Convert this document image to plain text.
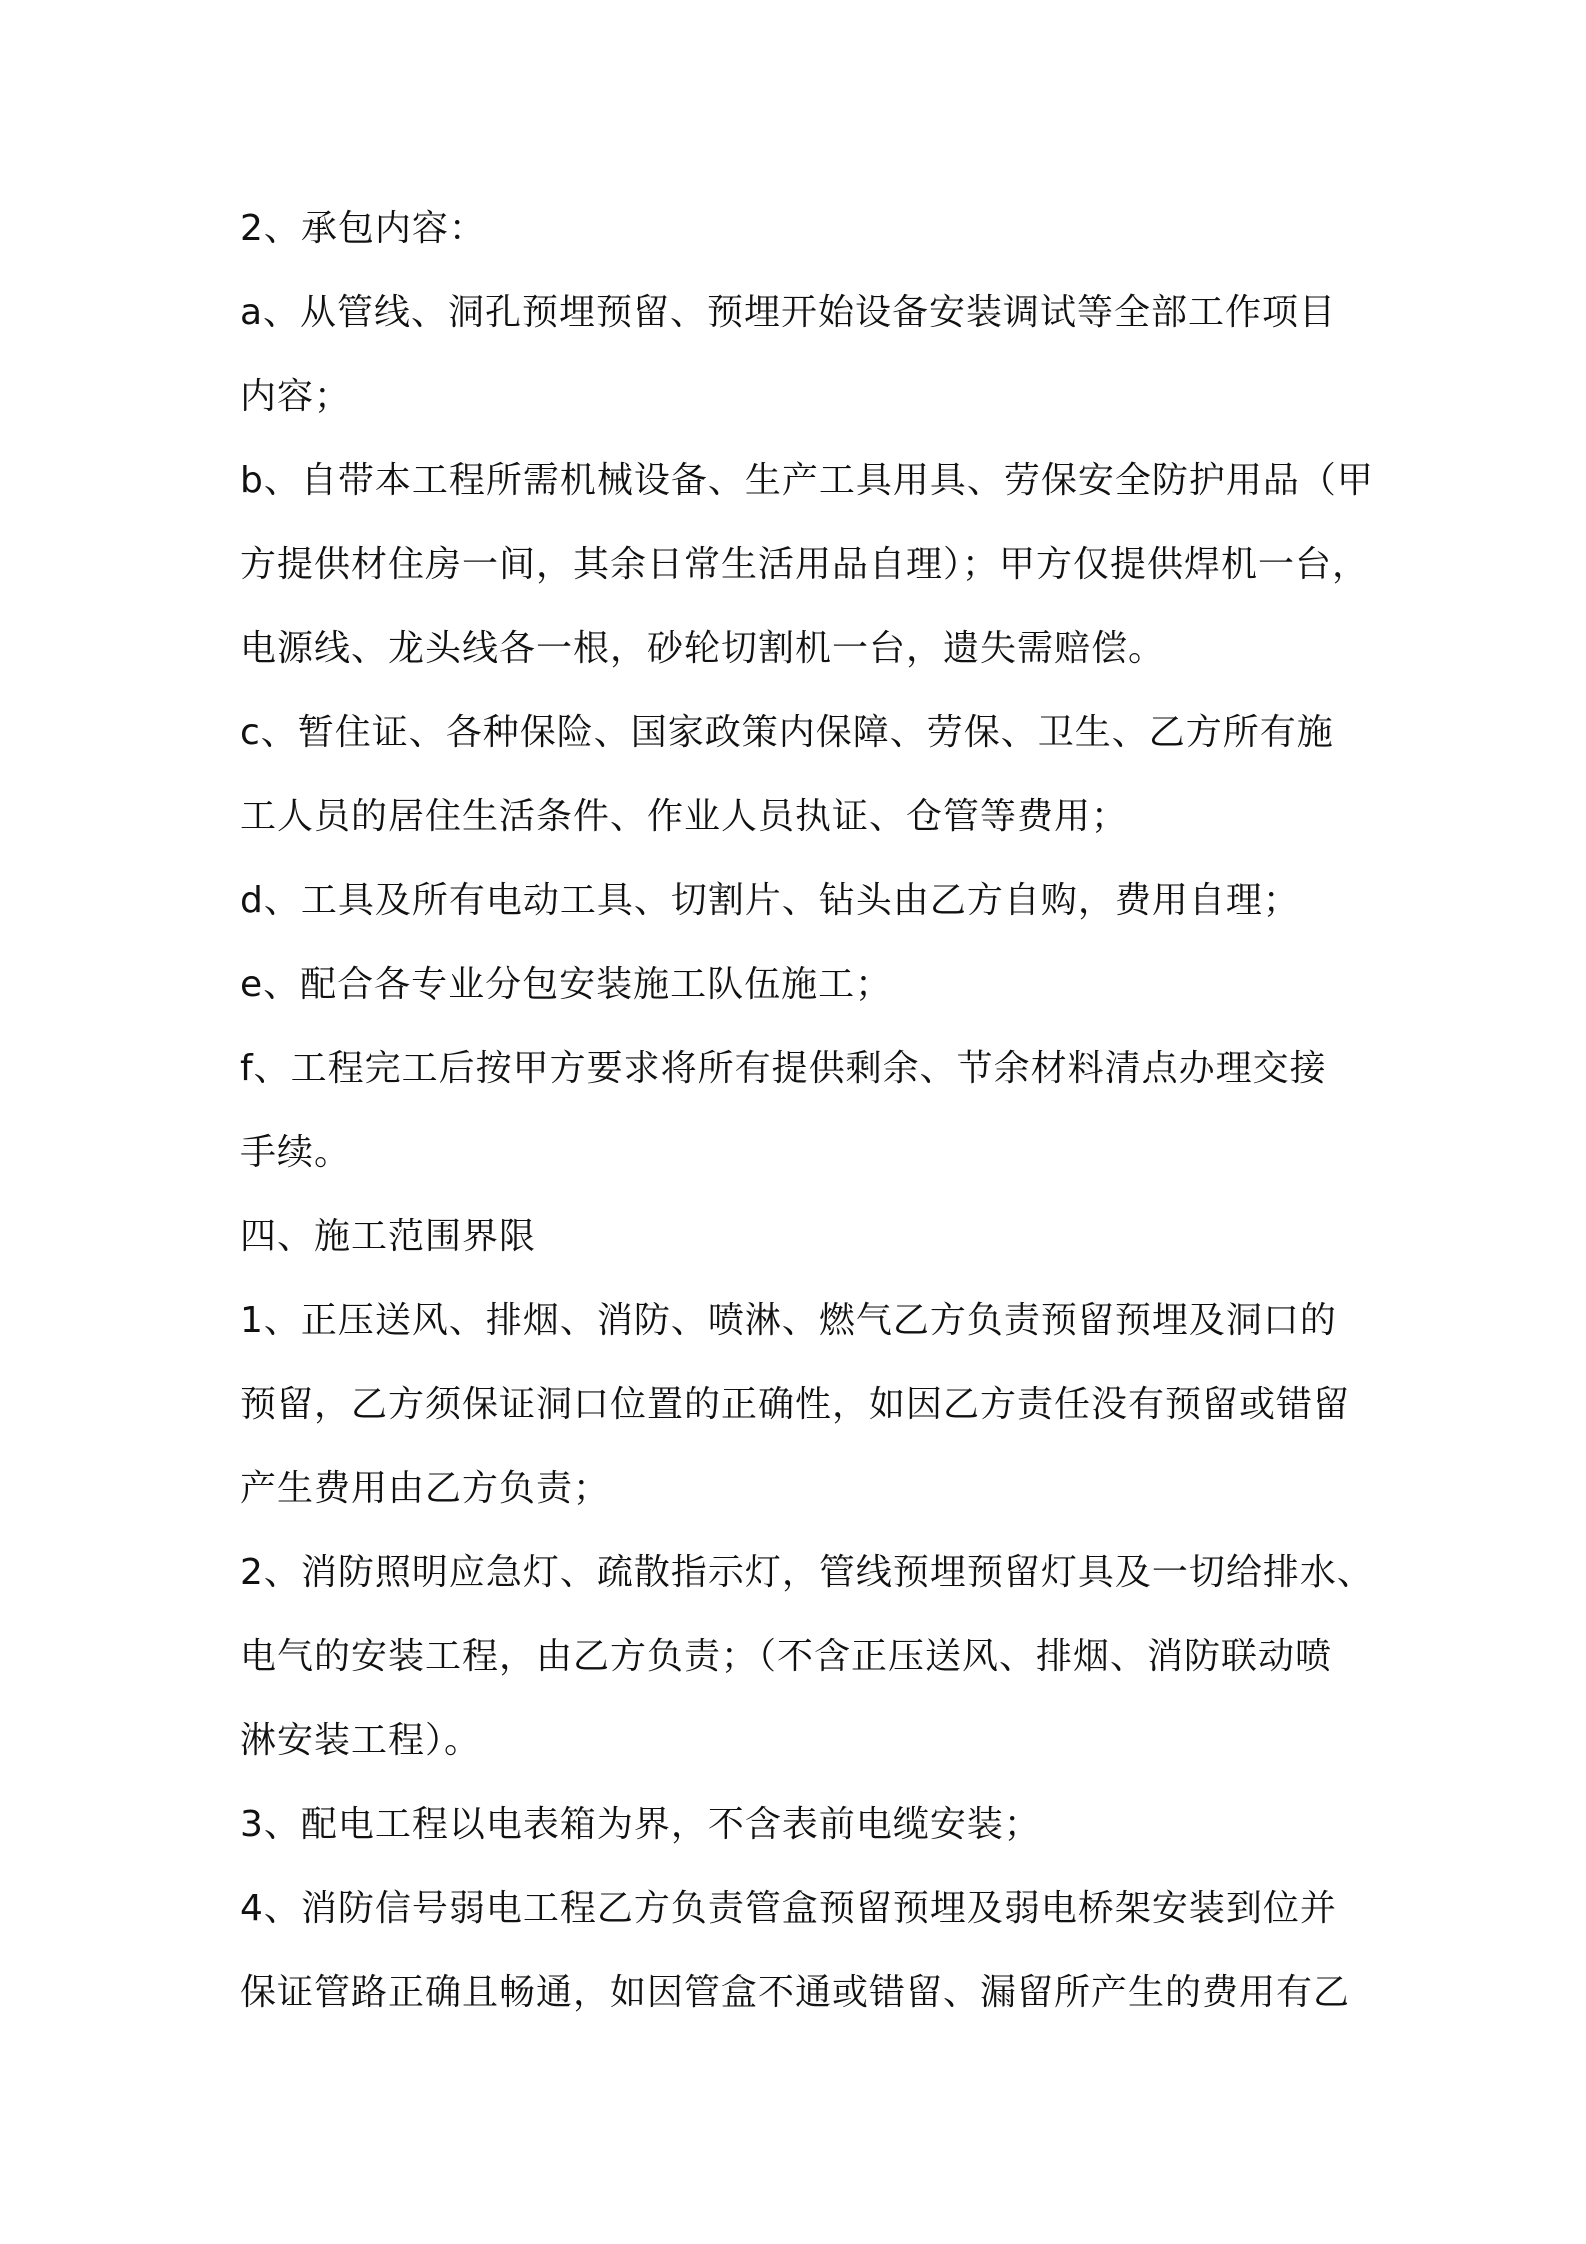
2、承包内容：
a、从管线、洞孔预埋预留、预埋开始设备安装调试等全部工作项目
内容；
b、自带本工程所需机械设备、生产工具用具、劳保安全防护用品（甲
方提供材住房一间，其余日常生活用品自理）；甲方仅提供焊机一台，
电源线、龙头线各一根，砂轮切割机一台，遗失需赔偿。
c、暂住证、各种保险、国家政策内保障、劳保、卫生、乙方所有施
工人员的居住生活条件、作业人员执证、仓管等费用；
d、工具及所有电动工具、切割片、钻头由乙方自购，费用自理；
e、配合各专业分包安装施工队伍施工；
f、工程完工后按甲方要求将所有提供剩余、节余材料清点办理交接
手续。
四、施工范围界限
1、正压送风、排烟、消防、喷淋、燃气乙方负责预留预埋及洞口的
预留，乙方须保证洞口位置的正确性，如因乙方责任没有预留或错留
产生费用由乙方负责；
2、消防照明应急灯、疏散指示灯，管线预埋预留灯具及一切给排水、
电气的安装工程，由乙方负责；（不含正压送风、排烟、消防联动喷
淋安装工程）。
3、配电工程以电表箱为界，不含表前电缆安装；
4、消防信号弱电工程乙方负责管盒预留预埋及弱电桥架安装到位并
保证管路正确且畅通，如因管盒不通或错留、漏留所产生的费用有乙
